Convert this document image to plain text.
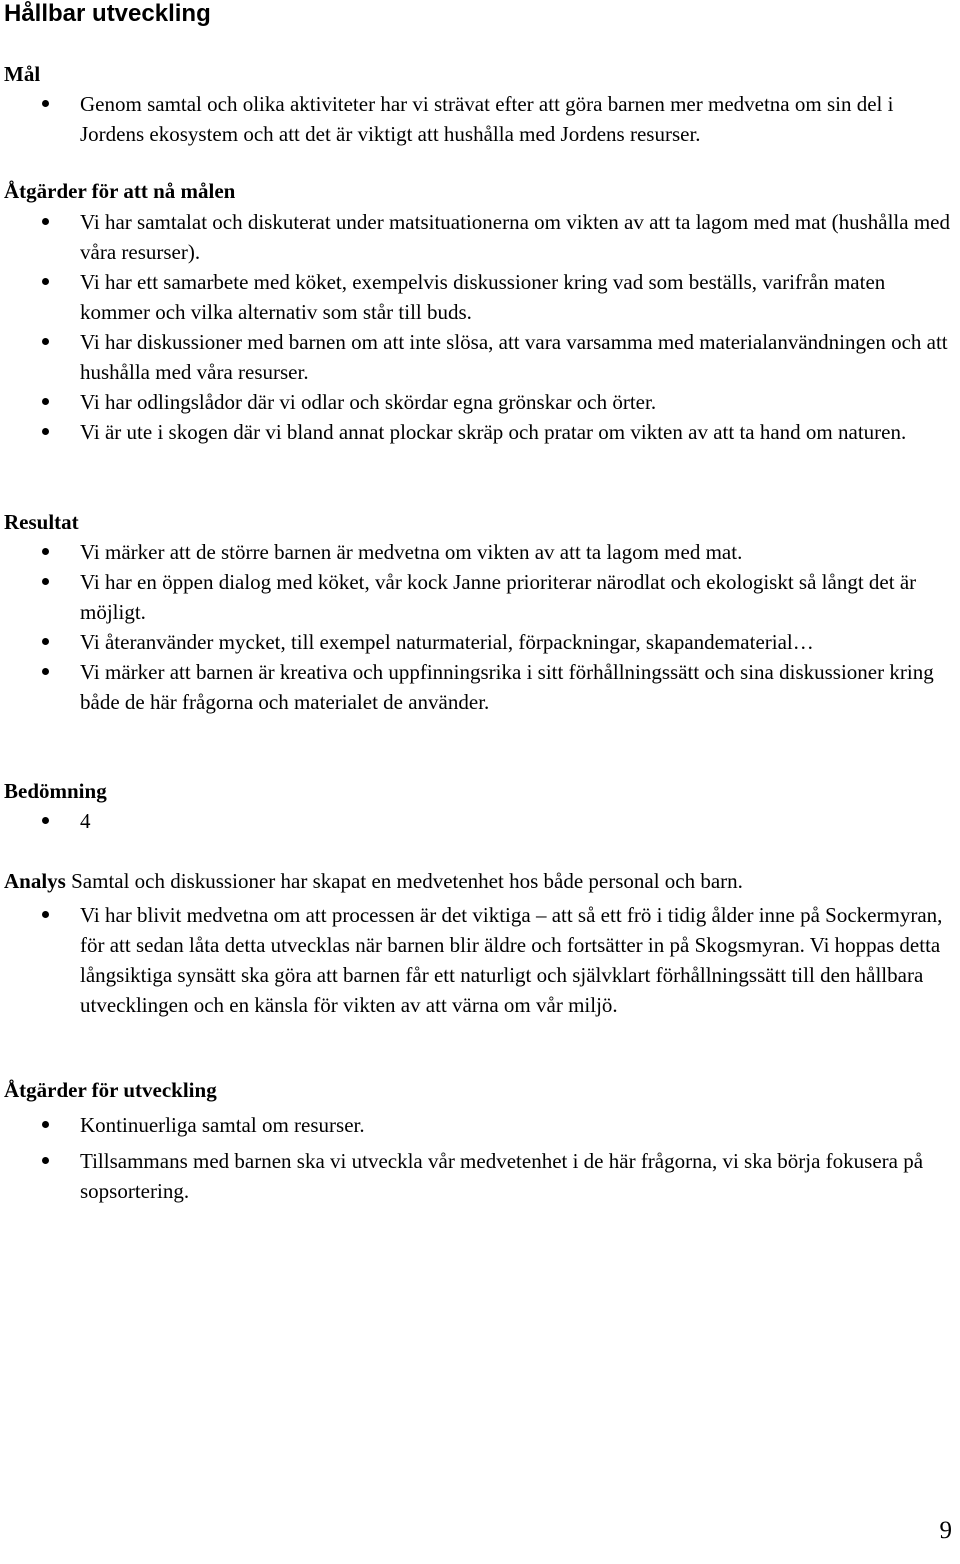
Hållbar utveckling
Mål
Genom samtal och olika aktiviteter har vi strävat efter att göra barnen mer medvetna om sin del i Jordens ekosystem och att det är viktigt att hushålla med Jordens resurser.
Åtgärder för att nå målen
Vi har samtalat och diskuterat under matsituationerna om vikten av att ta lagom med mat (hushålla med våra resurser).
Vi har ett samarbete med köket, exempelvis diskussioner kring vad som beställs, varifrån maten kommer och vilka alternativ som står till buds.
Vi har diskussioner med barnen om att inte slösa, att vara varsamma med materialanvändningen och att hushålla med våra resurser.
Vi har odlingslådor där vi odlar och skördar egna grönskar och örter.
Vi är ute i skogen där vi bland annat plockar skräp och pratar om vikten av att ta hand om naturen.
Resultat
Vi märker att de större barnen är medvetna om vikten av att ta lagom med mat.
Vi har en öppen dialog med köket, vår kock Janne prioriterar närodlat och ekologiskt så långt det är möjligt.
Vi återanvänder mycket, till exempel naturmaterial, förpackningar, skapandematerial…
Vi märker att barnen är kreativa och uppfinningsrika i sitt förhållningssätt och sina diskussioner kring både de här frågorna och materialet de använder.
Bedömning
4

Analys Samtal och diskussioner har skapat en medvetenhet hos både personal och barn.

Vi har blivit medvetna om att processen är det viktiga – att så ett frö i tidig ålder inne på Sockermyran, för att sedan låta detta utvecklas när barnen blir äldre och fortsätter in på Skogsmyran. Vi hoppas detta långsiktiga synsätt ska göra att barnen får ett naturligt och självklart förhållningssätt till den hållbara utvecklingen och en känsla för vikten av att värna om vår miljö.
Åtgärder för utveckling
Kontinuerliga samtal om resurser.
Tillsammans med barnen ska vi utveckla vår medvetenhet i de här frågorna, vi ska börja fokusera på sopsortering.
9
